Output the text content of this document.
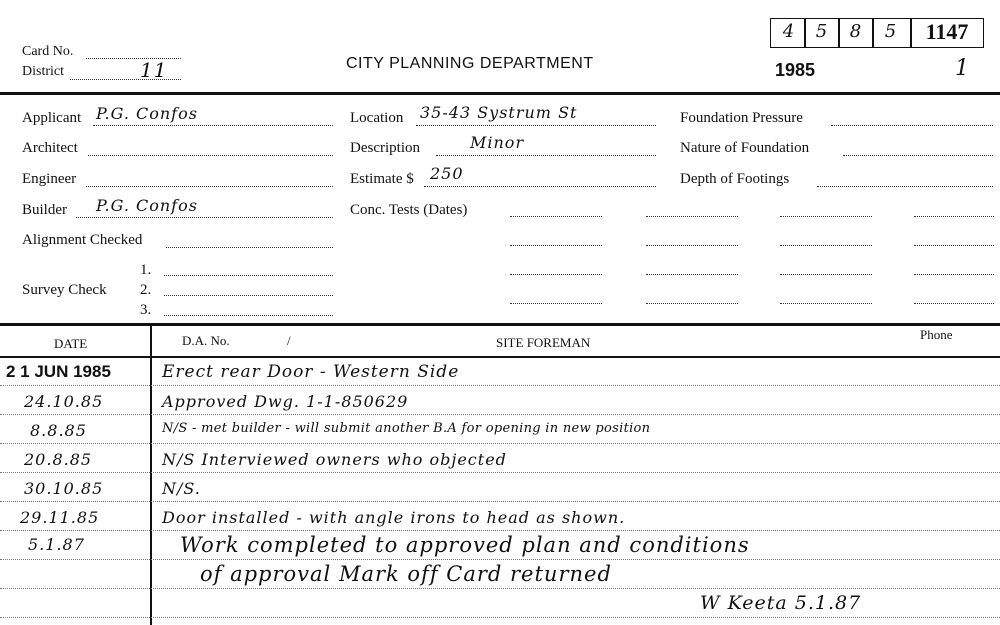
Card No.
District	11	CITY PLANNING DEPARTMENT
4	5	8	5	1147
1985	1
Applicant P.G. Confos
Architect
Engineer
Builder P.G. Confos
Alignment Checked
Survey Check
1.
2.
3.
Location 35-43 Systrum St
Description	Minor
Estimate $ 250
Conc. Tests (Dates)
Foundation Pressure
Nature of Foundation
Depth of Footings
DATE	D.A. No.	/	SITE FOREMAN
Phone
2 1 JUN 1985	Erect rear Door - Western Side
24.10.85	Approved Dwg. 1-1-850629
8.8.85	N/S - met builder - will submit another B.A for opening in new position
20.8.85	N/S Interviewed owners who objected
30.10.85	N/S.
29.11.85	Door installed - with angle irons to head as shown.
5.1.87	Work completed to approved plan and conditions
of approval Mark off Card returned
W Keeta 5.1.87
